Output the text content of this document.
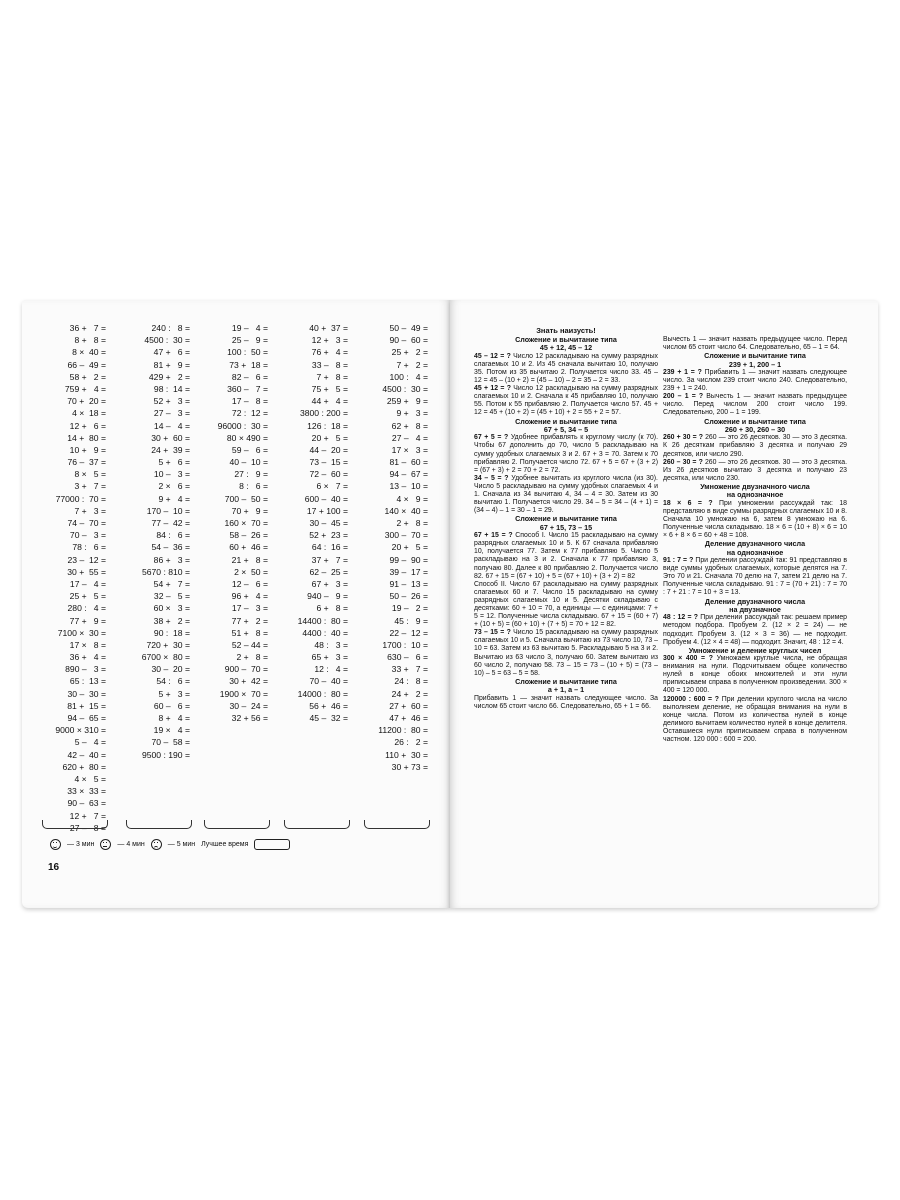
36 +   7 =
8 +   8 =
8 ×  40 =
66 –  49 =
58 +   2 =
759 +   4 =
70 +  20 =
4 ×  18 =
12 +   6 =
14 +  80 =
10 +   9 =
76 –  37 =
8 ×   5 =
3 +   7 =
77000 :  70 =
7 +   3 =
74 –  70 =
70 –   3 =
78 :   6 =
23 –  12 =
30 +  55 =
17 –   4 =
25 +   5 =
280 :   4 =
77 +   9 =
7100 ×  30 =
17 ×   8 =
36 +   4 =
890 –   3 =
65 :  13 =
30 –  30 =
81 +  15 =
94 –  65 =
9000 × 310 =
5 –   4 =
42 –  40 =
620 +  80 =
4 ×   5 =
33 ×  33 =
90 –  63 =
12 +   7 =
27 –   8 =
240 :   8 =
4500 :  30 =
47 +   6 =
81 +   9 =
429 +   2 =
98 :  14 =
52 +   3 =
27 –   3 =
14 –   4 =
30 +  60 =
24 +  39 =
5 +   6 =
10 –   3 =
2 ×   6 =
9 +   4 =
170 –  10 =
77 –  42 =
84 :   6 =
54 –  36 =
86 +   3 =
5670 : 810 =
54 +   7 =
32 –   5 =
60 ×   3 =
38 +   2 =
90 :  18 =
720 +  30 =
6700 ×  80 =
30 –  20 =
54 :   6 =
5 +   3 =
60 –   6 =
8 +   4 =
19 ×   4 =
70 –  58 =
9500 : 190 =
19 –   4 =
25 –   9 =
100 :  50 =
73 +  18 =
82 –   6 =
360 –   7 =
17 –   8 =
72 :  12 =
96000 :  30 =
80 × 490 =
59 –   6 =
40 –  10 =
27 :   9 =
8 :   6 =
700 –  50 =
70 +   9 =
160 ×  70 =
58 –  26 =
60 +  46 =
21 +   8 =
2 ×  50 =
12 –   6 =
96 +   4 =
17 –   3 =
77 +   2 =
51 +   8 =
52 – 44 =
2 +   8 =
900 –  70 =
30 +  42 =
1900 ×  70 =
30 –  24 =
32 + 56 =
40 +  37 =
12 +   3 =
76 +   4 =
33 –   8 =
7 +   8 =
75 +   5 =
44 +   4 =
3800 : 200 =
126 :  18 =
20 +   5 =
44 –  20 =
73 –  15 =
72 –  60 =
6 ×   7 =
600 –  40 =
17 + 100 =
30 –  45 =
52 +  23 =
64 :  16 =
37 +   7 =
62 –  25 =
67 +   3 =
940 –   9 =
6 +   8 =
14400 :  80 =
4400 :  40 =
48 :   3 =
65 +   3 =
12 :   4 =
70 –  40 =
14000 :  80 =
56 +  46 =
45 –  32 =
50 –  49 =
90 –  60 =
25 +   2 =
7 +   2 =
100 :   4 =
4500 :  30 =
259 +   9 =
9 +   3 =
62 +   8 =
27 –   4 =
17 ×   3 =
81 –  60 =
94 –  67 =
13 –  10 =
4 ×   9 =
140 ×  40 =
2 +   8 =
300 –  70 =
20 +   5 =
99 –  90 =
39 –  17 =
91 –  13 =
50 –  26 =
19 –   2 =
45 :   9 =
22 –  12 =
1700 :  10 =
630 –   6 =
33 +   7 =
24 :   8 =
24 +   2 =
27 +  60 =
47 +  46 =
11200 :  80 =
26 :   2 =
110 +  30 =
30 + 73 =
— 3 мин	— 4 мин	— 5 мин Лучшее время
16
Знать наизусть!
Сложение и вычитание типа
45 + 12, 45 – 12

45 – 12 = ? Число 12 раскладываю на сумму разрядных слагаемых 10 и 2. Из 45 сначала вычитаю 10, получаю 35. Потом из 35 вычитаю 2. Получается число 33. 45 – 12 = 45 – (10 + 2) = (45 – 10) – 2 = 35 – 2 = 33.

45 + 12 = ? Число 12 раскладываю на сумму разрядных слагаемых 10 и 2. Сначала к 45 прибавляю 10, получаю 55. Потом к 55 прибавляю 2. Получается число 57. 45 + 12 = 45 + (10 + 2) = (45 + 10) + 2 = 55 + 2 = 57.

Сложение и вычитание типа
67 + 5, 34 – 5

67 + 5 = ? Удобнее прибавлять к круглому числу (к 70). Чтобы 67 дополнить до 70, число 5 раскладываю на сумму удобных слагаемых 3 и 2. 67 + 3 = 70. Затем к 70 прибавляю 2. Получается число 72. 67 + 5 = 67 + (3 + 2) = (67 + 3) + 2 = 70 + 2 = 72.

34 – 5 = ? Удобнее вычитать из круглого числа (из 30). Число 5 раскладываю на сумму удобных слагаемых 4 и 1. Сначала из 34 вычитаю 4, 34 – 4 = 30. Затем из 30 вычитаю 1. Получается число 29. 34 – 5 = 34 – (4 + 1) = (34 – 4) – 1 = 30 – 1 = 29.

Сложение и вычитание типа
67 + 15, 73 – 15

67 + 15 = ? Способ I. Число 15 раскладываю на сумму разрядных слагаемых 10 и 5. К 67 сначала прибавляю 10, получается 77. Затем к 77 прибавляю 5. Число 5 раскладываю на 3 и 2. Сначала к 77 прибавляю 3, получаю 80. Далее к 80 прибавляю 2. Получается число 82. 67 + 15 = (67 + 10) + 5 = (67 + 10) + (3 + 2) = 82

Способ II. Число 67 раскладываю на сумму разрядных слагаемых 60 и 7. Число 15 раскладываю на сумму разрядных слагаемых 10 и 5. Десятки складываю с десятками: 60 + 10 = 70, а единицы — с единицами: 7 + 5 = 12. Полученные числа складываю. 67 + 15 = (60 + 7) + (10 + 5) = (60 + 10) + (7 + 5) = 70 + 12 = 82.

73 – 15 = ? Число 15 раскладываю на сумму разрядных слагаемых 10 и 5. Сначала вычитаю из 73 число 10, 73 – 10 = 63. Затем из 63 вычитаю 5. Раскладываю 5 на 3 и 2. Вычитаю из 63 число 3, получаю 60. Затем вычитаю из 60 число 2, получаю 58. 73 – 15 = 73 – (10 + 5) = (73 – 10) – 5 = 63 – 5 = 58.

Сложение и вычитание типа
а + 1, а – 1

Прибавить 1 — значит назвать следующее число. За числом 65 стоит число 66. Следовательно, 65 + 1 = 66.

Вычесть 1 — значит назвать предыдущее число. Перед числом 65 стоит число 64. Следовательно, 65 – 1 = 64.

Сложение и вычитание типа
239 + 1, 200 – 1

239 + 1 = ? Прибавить 1 — значит назвать следующее число. За числом 239 стоит число 240. Следовательно, 239 + 1 = 240.

200 – 1 = ? Вычесть 1 — значит назвать предыдущее число. Перед числом 200 стоит число 199. Следовательно, 200 – 1 = 199.

Сложение и вычитание типа
260 + 30, 260 – 30

260 + 30 = ? 260 — это 26 десятков. 30 — это 3 десятка. К 26 десяткам прибавляю 3 десятка и получаю 29 десятков, или число 290.

260 – 30 = ? 260 — это 26 десятков. 30 — это 3 десятка. Из 26 десятков вычитаю 3 десятка и получаю 23 десятка, или число 230.

Умножение двузначного числа
на однозначное

18 × 6 = ? При умножении рассуждай так: 18 представляю в виде суммы разрядных слагаемых 10 и 8. Сначала 10 умножаю на 6, затем 8 умножаю на 6. Полученные числа складываю. 18 × 6 = (10 + 8) × 6 = 10 × 6 + 8 × 6 = 60 + 48 = 108.

Деление двузначного числа
на однозначное

91 : 7 = ? При делении рассуждай так: 91 представляю в виде суммы удобных слагаемых, которые делятся на 7. Это 70 и 21. Сначала 70 делю на 7, затем 21 делю на 7. Полученные числа складываю. 91 : 7 = (70 + 21) : 7 = 70 : 7 + 21 : 7 = 10 + 3 = 13.

Деление двузначного числа
на двузначное

48 : 12 = ? При делении рассуждай так: решаем пример методом подбора. Пробуем 2. (12 × 2 = 24) — не подходит. Пробуем 3. (12 × 3 = 36) — не подходит. Пробуем 4. (12 × 4 = 48) — подходит. Значит, 48 : 12 = 4.

Умножение и деление круглых чисел

300 × 400 = ? Умножаем круглые числа, не обращая внимания на нули. Подсчитываем общее количество нулей в конце обоих множителей и эти нули приписываем справа в полученном произведении. 300 × 400 = 120 000.

120000 : 600 = ? При делении круглого числа на число выполняем деление, не обращая внимания на нули в конце числа. Потом из количества нулей в конце делимого вычитаем количество нулей в конце делителя. Оставшиеся нули приписываем справа в полученном частном. 120 000 : 600 = 200.
